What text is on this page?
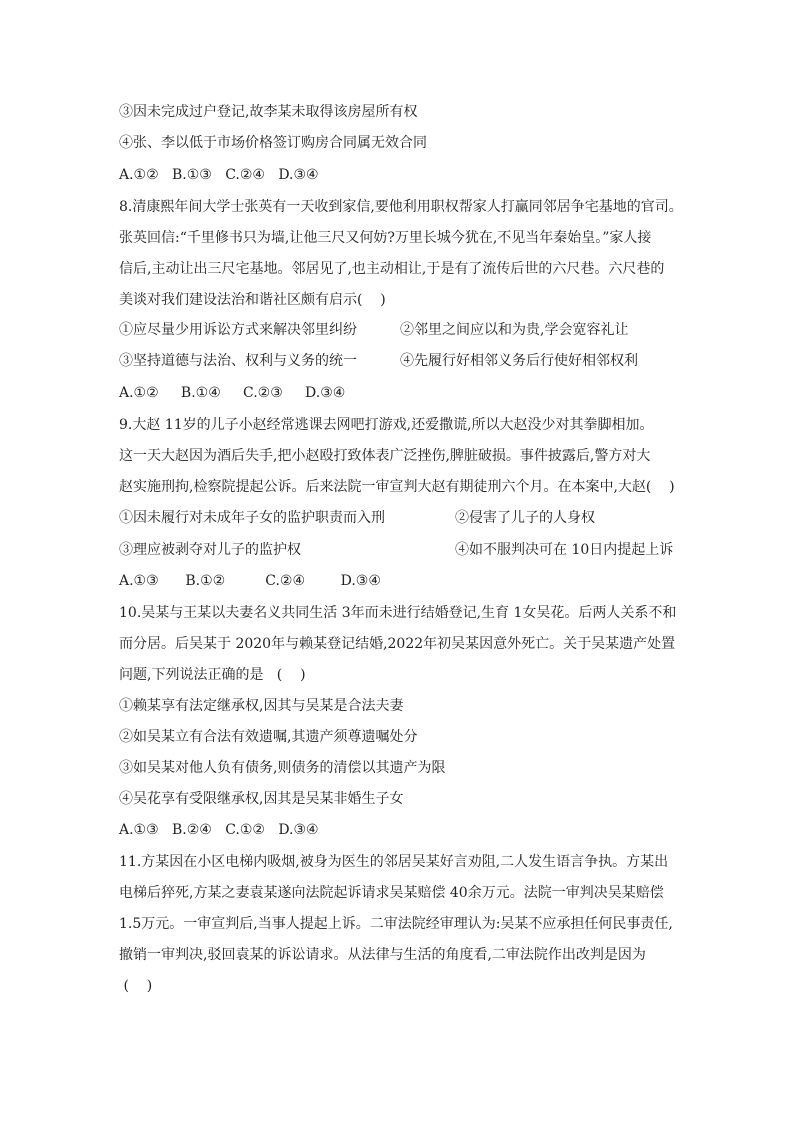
③因未完成过户登记,故李某未取得该房屋所有权
④张、李以低于市场价格签订购房合同属无效合同
A.①②   B.①③   C.②④   D.③④
8.清康熙年间大学士张英有一天收到家信,要他利用职权帮家人打赢同邻居争宅基地的官司。
张英回信:“千里修书只为墙,让他三尺又何妨?万里长城今犹在,不见当年秦始皇。”家人接
信后,主动让出三尺宅基地。邻居见了,也主动相让,于是有了流传后世的六尺巷。六尺巷的
美谈对我们建设法治和谐社区颇有启示(    )
①应尽量少用诉讼方式来解决邻里纠纷	②邻里之间应以和为贵,学会宽容礼让
③坚持道德与法治、权利与义务的统一	④先履行好相邻义务后行使好相邻权利
A.①②     B.①④     C.②③     D.③④
9.大赵 11岁的儿子小赵经常逃课去网吧打游戏,还爱撒谎,所以大赵没少对其拳脚相加。
这一天大赵因为酒后失手,把小赵殴打致体表广泛挫伤,脾脏破损。事件披露后,警方对大
赵实施刑拘,检察院提起公诉。后来法院一审宣判大赵有期徒刑六个月。在本案中,大赵(    )
①因未履行对未成年子女的监护职责而入刑	②侵害了儿子的人身权
③理应被剥夺对儿子的监护权	④如不服判决可在 10日内提起上诉
A.①③      B.①②         C.②④        D.③④
10.吴某与王某以夫妻名义共同生活 3年而未进行结婚登记,生育 1女吴花。后两人关系不和
而分居。后吴某于 2020年与赖某登记结婚,2022年初吴某因意外死亡。关于吴某遗产处置
问题,下列说法正确的是   (    )
①赖某享有法定继承权,因其与吴某是合法夫妻
②如吴某立有合法有效遗嘱,其遗产须尊遗嘱处分
③如吴某对他人负有债务,则债务的清偿以其遗产为限
④吴花享有受限继承权,因其是吴某非婚生子女
A.①③   B.②④   C.①②   D.③④
11.方某因在小区电梯内吸烟,被身为医生的邻居吴某好言劝阻,二人发生语言争执。方某出
电梯后猝死,方某之妻袁某遂向法院起诉请求吴某赔偿 40余万元。法院一审判决吴某赔偿
1.5万元。一审宣判后,当事人提起上诉。二审法院经审理认为:吴某不应承担任何民事责任,
撤销一审判决,驳回袁某的诉讼请求。从法律与生活的角度看,二审法院作出改判是因为
(    )
